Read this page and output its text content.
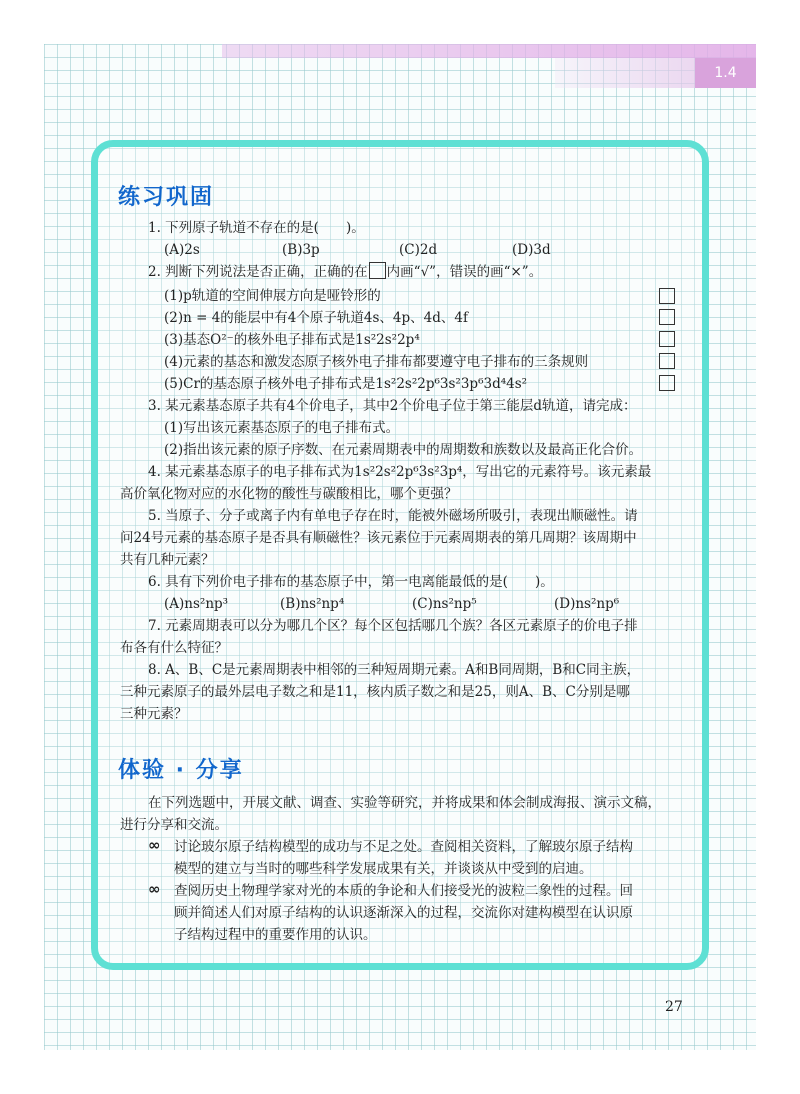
1.4
练习巩固
1. 下列原子轨道不存在的是(　　)。
(A)2s	(B)3p	(C)2d	(D)3d
2. 判断下列说法是否正确，正确的在 内画“√”，错误的画“×”。
(1)p轨道的空间伸展方向是哑铃形的
(2)n = 4的能层中有4个原子轨道4s、4p、4d、4f
(3)基态O²⁻的核外电子排布式是1s²2s²2p⁴
(4)元素的基态和激发态原子核外电子排布都要遵守电子排布的三条规则
(5)Cr的基态原子核外电子排布式是1s²2s²2p⁶3s²3p⁶3d⁴4s²
3. 某元素基态原子共有4个价电子，其中2个价电子位于第三能层d轨道，请完成：
(1)写出该元素基态原子的电子排布式。
(2)指出该元素的原子序数、在元素周期表中的周期数和族数以及最高正化合价。
4. 某元素基态原子的电子排布式为1s²2s²2p⁶3s²3p⁴，写出它的元素符号。该元素最
高价氧化物对应的水化物的酸性与碳酸相比，哪个更强？
5. 当原子、分子或离子内有单电子存在时，能被外磁场所吸引，表现出顺磁性。请
问24号元素的基态原子是否具有顺磁性？该元素位于元素周期表的第几周期？该周期中
共有几种元素？
6. 具有下列价电子排布的基态原子中，第一电离能最低的是(　　)。
(A)ns²np³	(B)ns²np⁴	(C)ns²np⁵	(D)ns²np⁶
7. 元素周期表可以分为哪几个区？每个区包括哪几个族？各区元素原子的价电子排
布各有什么特征？
8. A、B、C是元素周期表中相邻的三种短周期元素。A和B同周期，B和C同主族，
三种元素原子的最外层电子数之和是11，核内质子数之和是25，则A、B、C分别是哪
三种元素？
体验 · 分享
在下列选题中，开展文献、调查、实验等研究，并将成果和体会制成海报、演示文稿，
进行分享和交流。
∞ 讨论玻尔原子结构模型的成功与不足之处。查阅相关资料，了解玻尔原子结构
模型的建立与当时的哪些科学发展成果有关，并谈谈从中受到的启迪。
∞ 查阅历史上物理学家对光的本质的争论和人们接受光的波粒二象性的过程。回
顾并简述人们对原子结构的认识逐渐深入的过程，交流你对建构模型在认识原
子结构过程中的重要作用的认识。
27
